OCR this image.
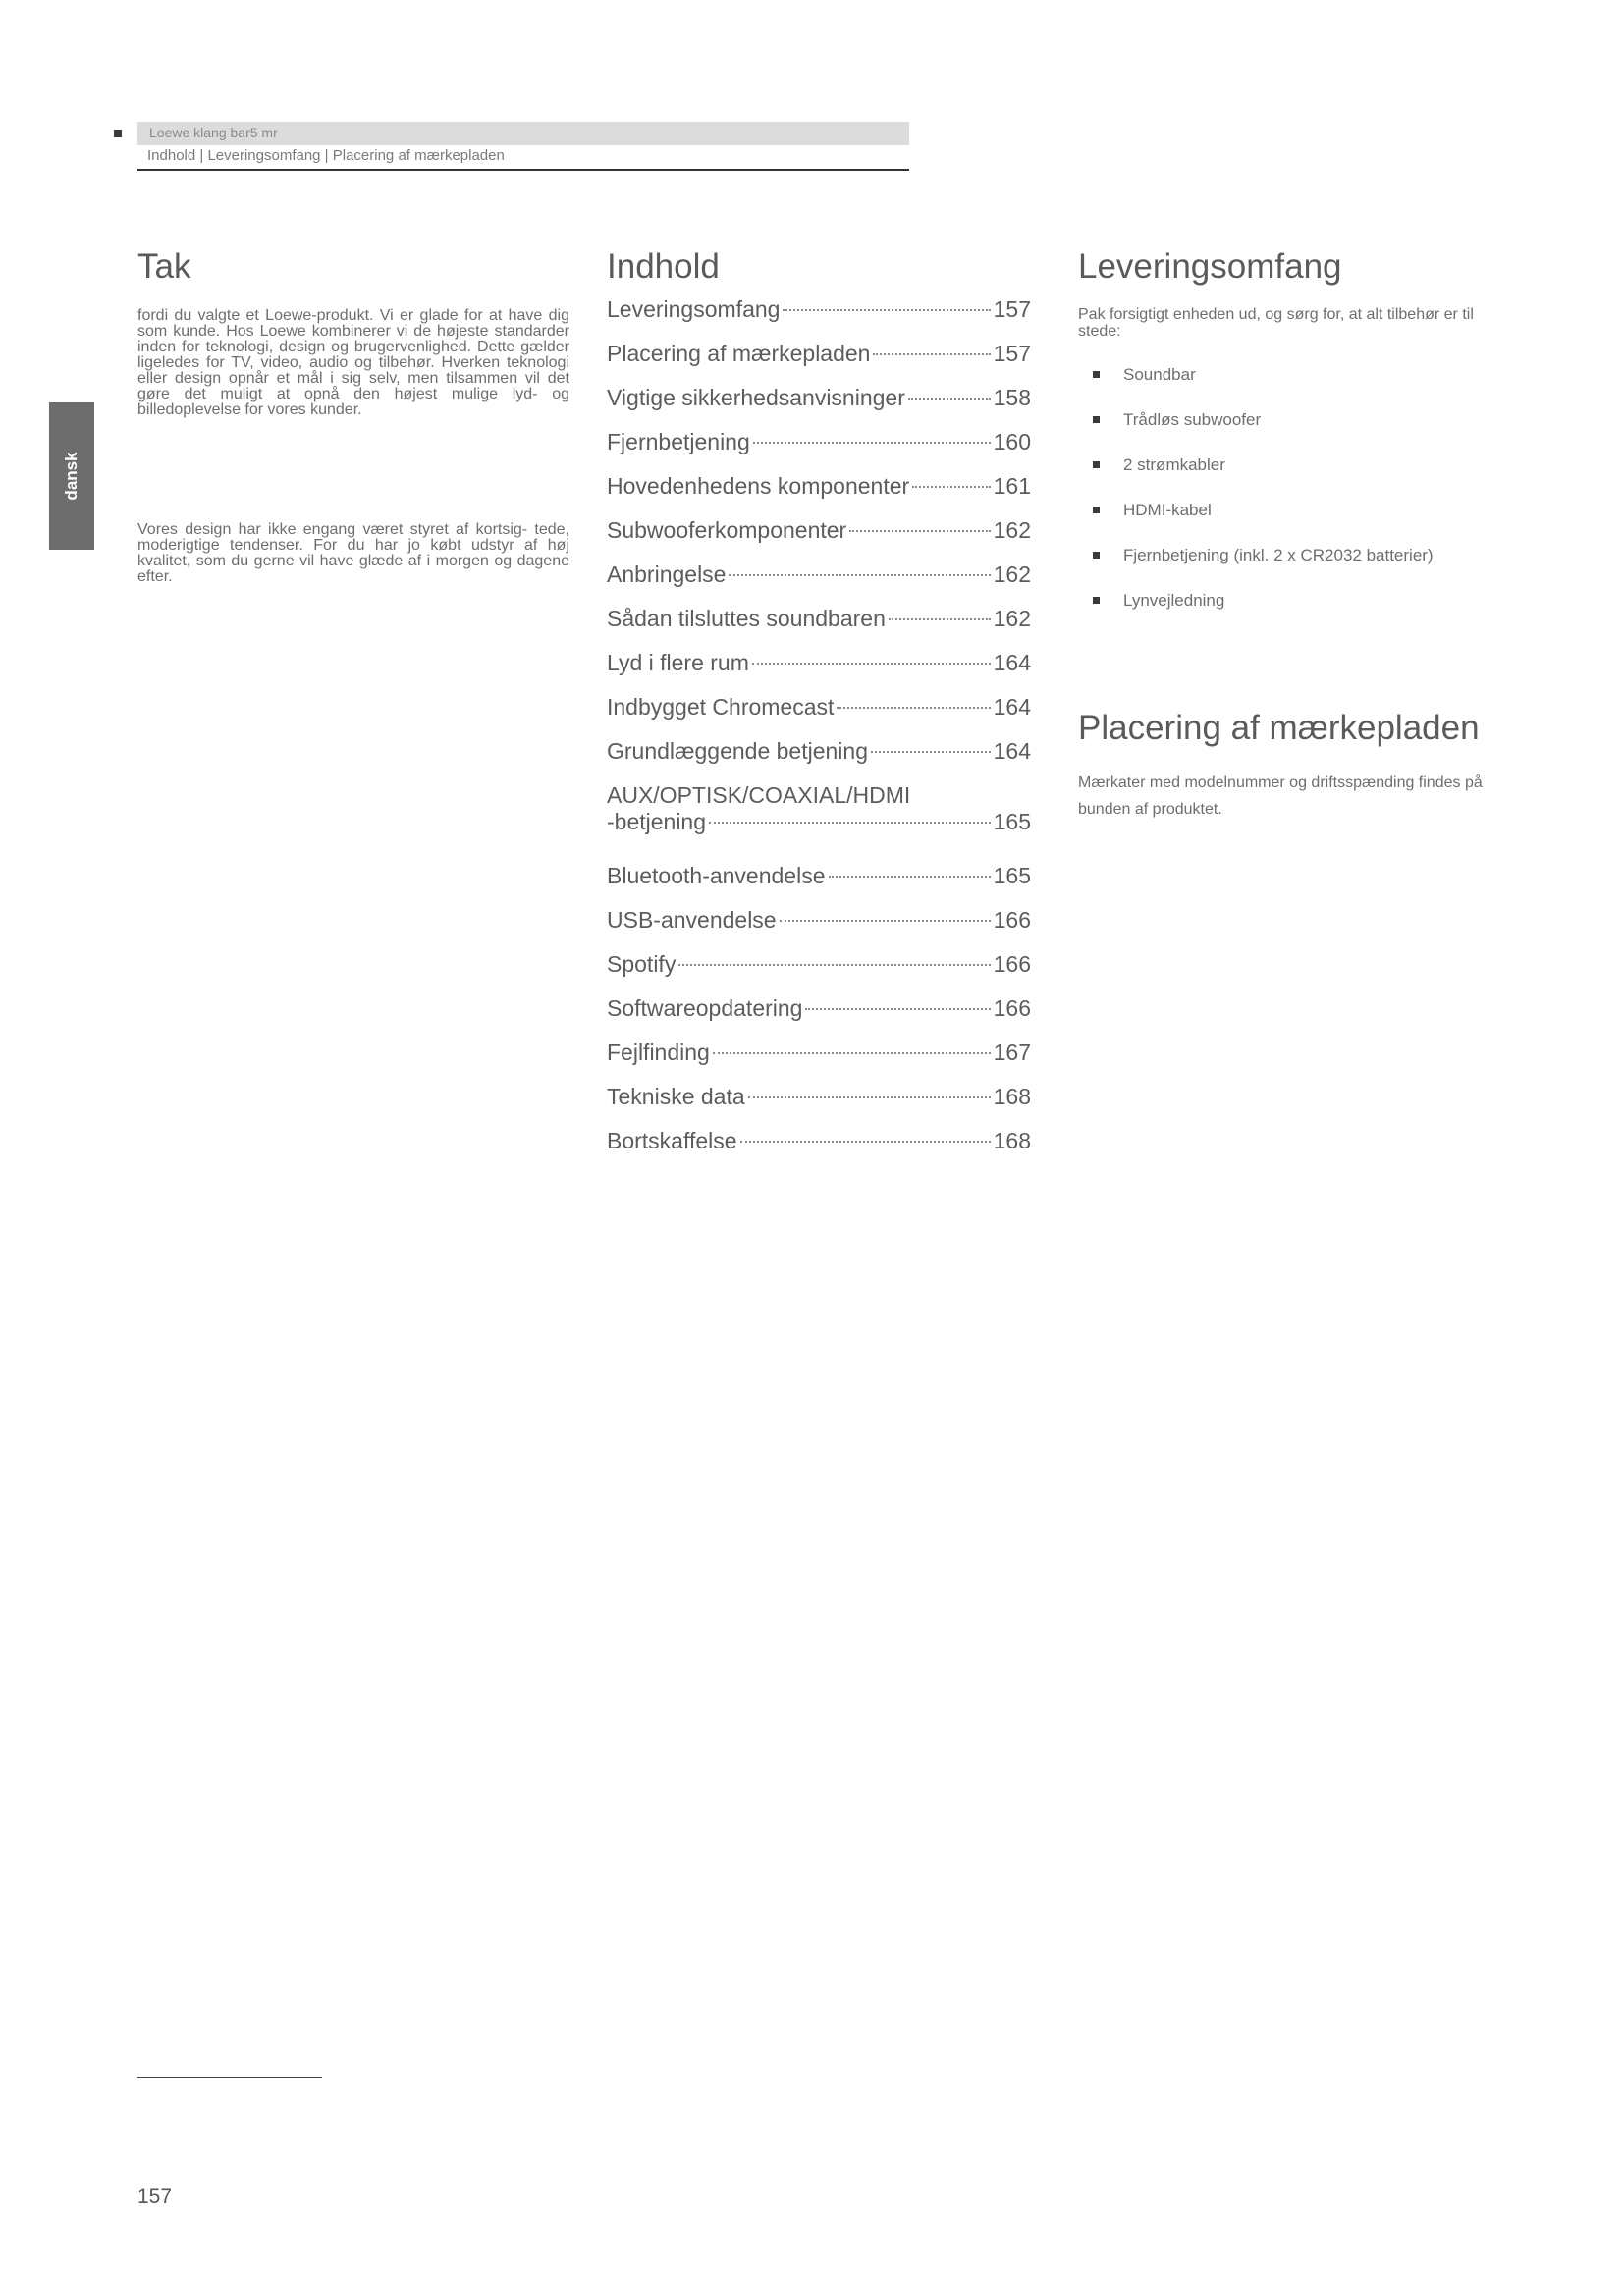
Loewe klang bar5 mr
Indhold | Leveringsomfang | Placering af mærkepladen
dansk
Tak

fordi du valgte et Loewe-produkt. Vi er glade for at have dig som kunde. Hos Loewe kombinerer vi de højeste standarder inden for teknologi, design og brugervenlighed. Dette gælder ligeledes for TV, video, audio og tilbehør. Hverken teknologi eller design opnår et mål i sig selv, men tilsammen vil det gøre det muligt at opnå den højest mulige lyd- og billedoplevelse for vores kunder.

Vores design har ikke engang været styret af kortsig- tede, moderigtige tendenser. For du har jo købt udstyr af høj kvalitet, som du gerne vil have glæde af i morgen og dagene efter.

Indhold
Leveringsomfang	157
Placering af mærkepladen	157
Vigtige sikkerhedsanvisninger	158
Fjernbetjening	160
Hovedenhedens komponenter	161
Subwooferkomponenter	162
Anbringelse	162
Sådan tilsluttes soundbaren	162
Lyd i flere rum	164
Indbygget Chromecast	164
Grundlæggende betjening	164
AUX/OPTISK/COAXIAL/HDMI
-betjening	165
Bluetooth-anvendelse	165
USB-anvendelse	166
Spotify	166
Softwareopdatering	166
Fejlfinding	167
Tekniske data	168
Bortskaffelse	168
Leveringsomfang

Pak forsigtigt enheden ud, og sørg for, at alt tilbehør er til stede:

Soundbar
Trådløs subwoofer
2 strømkabler
HDMI-kabel
Fjernbetjening (inkl. 2 x CR2032 batterier)
Lynvejledning
Placering af mærkepladen

Mærkater med modelnummer og driftsspænding findes på bunden af produktet.

157
